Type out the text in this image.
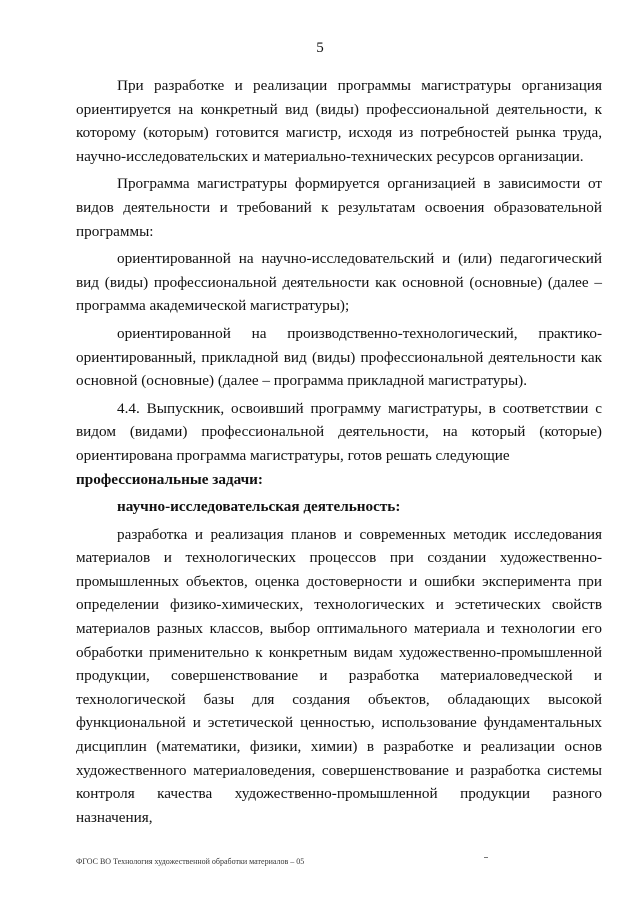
5

При разработке и реализации программы магистратуры организация ориентируется на конкретный вид (виды) профессиональной деятельности, к которому (которым) готовится магистр, исходя из потребностей рынка труда, научно-исследовательских и материально-технических ресурсов организации.

Программа магистратуры формируется организацией в зависимости от видов деятельности и требований к результатам освоения образовательной программы:

ориентированной на научно-исследовательский и (или) педагогический вид (виды) профессиональной деятельности как основной (основные) (далее – программа академической магистратуры);

ориентированной на производственно-технологический, практико-ориентированный, прикладной вид (виды) профессиональной деятельности как основной (основные) (далее – программа прикладной магистратуры).

4.4. Выпускник, освоивший программу магистратуры, в соответствии с видом (видами) профессиональной деятельности, на который (которые) ориентирована программа магистратуры, готов решать следующие

профессиональные задачи:

научно-исследовательская деятельность:

разработка и реализация планов и современных методик исследования материалов и технологических процессов при создании художественно-промышленных объектов, оценка достоверности и ошибки эксперимента при определении физико-химических, технологических и эстетических свойств материалов разных классов, выбор оптимального материала и технологии его обработки применительно к конкретным видам художественно-промышленной продукции, совершенствование и разработка материаловедческой и технологической базы для создания объектов, обладающих высокой функциональной и эстетической ценностью, использование фундаментальных дисциплин (математики, физики, химии) в разработке и реализации основ художественного материаловедения, совершенствование и разработка системы контроля качества художественно-промышленной продукции разного назначения,

ФГОС ВО Технология художественной обработки материалов – 05
